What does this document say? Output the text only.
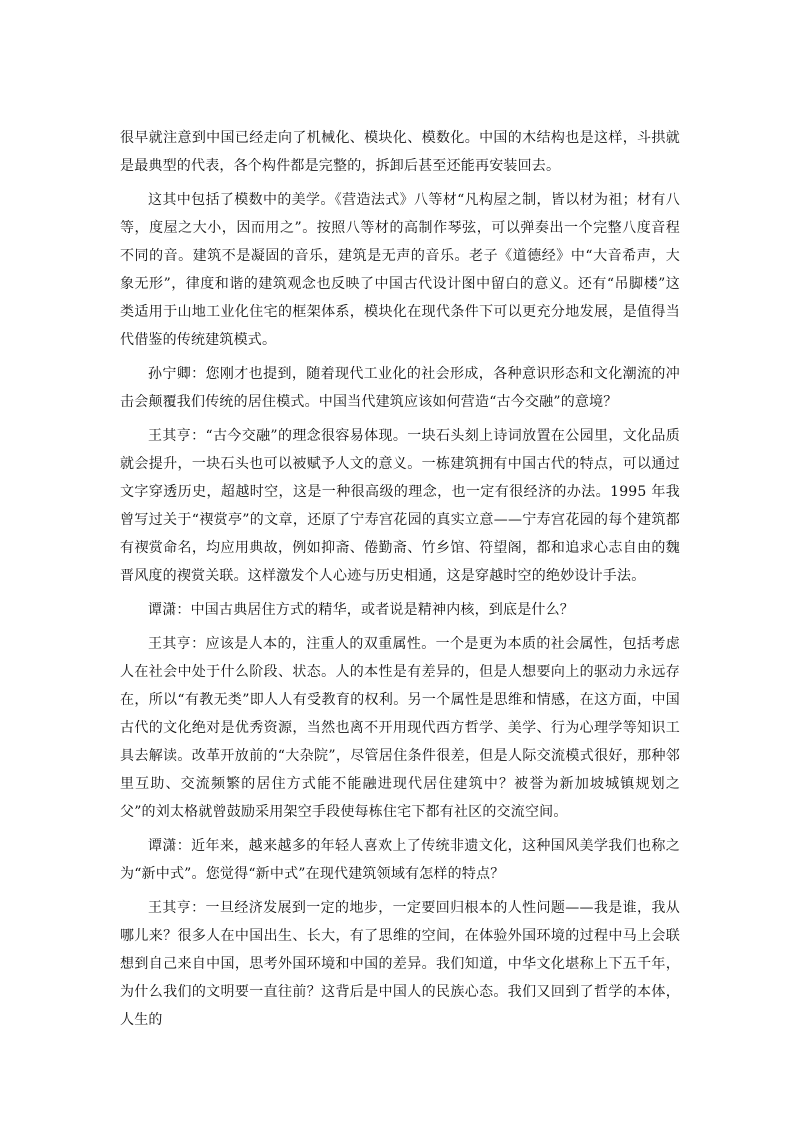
很早就注意到中国已经走向了机械化、模块化、模数化。中国的木结构也是这样，斗拱就是最典型的代表，各个构件都是完整的，拆卸后甚至还能再安装回去。

这其中包括了模数中的美学。《营造法式》八等材“凡构屋之制，皆以材为祖；材有八等，度屋之大小，因而用之”。按照八等材的高制作琴弦，可以弹奏出一个完整八度音程不同的音。建筑不是凝固的音乐，建筑是无声的音乐。老子《道德经》中“大音希声，大象无形”，律度和谐的建筑观念也反映了中国古代设计图中留白的意义。还有“吊脚楼”这类适用于山地工业化住宅的框架体系，模块化在现代条件下可以更充分地发展，是值得当代借鉴的传统建筑模式。

孙宁卿：您刚才也提到，随着现代工业化的社会形成，各种意识形态和文化潮流的冲击会颠覆我们传统的居住模式。中国当代建筑应该如何营造“古今交融”的意境？

王其亨：“古今交融”的理念很容易体现。一块石头刻上诗词放置在公园里，文化品质就会提升，一块石头也可以被赋予人文的意义。一栋建筑拥有中国古代的特点，可以通过文字穿透历史，超越时空，这是一种很高级的理念，也一定有很经济的办法。1995 年我曾写过关于“禊赏亭”的文章，还原了宁寿宫花园的真实立意——宁寿宫花园的每个建筑都有禊赏命名，均应用典故，例如抑斋、倦勤斋、竹乡馆、符望阁，都和追求心志自由的魏晋风度的禊赏关联。这样激发个人心迹与历史相通，这是穿越时空的绝妙设计手法。

谭潇：中国古典居住方式的精华，或者说是精神内核，到底是什么？

王其亨：应该是人本的，注重人的双重属性。一个是更为本质的社会属性，包括考虑人在社会中处于什么阶段、状态。人的本性是有差异的，但是人想要向上的驱动力永远存在，所以“有教无类”即人人有受教育的权利。另一个属性是思维和情感，在这方面，中国古代的文化绝对是优秀资源，当然也离不开用现代西方哲学、美学、行为心理学等知识工具去解读。改革开放前的“大杂院”，尽管居住条件很差，但是人际交流模式很好，那种邻里互助、交流频繁的居住方式能不能融进现代居住建筑中？被誉为新加坡城镇规划之父”的刘太格就曾鼓励采用架空手段使每栋住宅下都有社区的交流空间。

谭潇：近年来，越来越多的年轻人喜欢上了传统非遗文化，这种国风美学我们也称之为“新中式”。您觉得“新中式”在现代建筑领域有怎样的特点？

王其亨：一旦经济发展到一定的地步，一定要回归根本的人性问题——我是谁，我从哪儿来？很多人在中国出生、长大，有了思维的空间，在体验外国环境的过程中马上会联想到自己来自中国，思考外国环境和中国的差异。我们知道，中华文化堪称上下五千年，为什么我们的文明要一直往前？这背后是中国人的民族心态。我们又回到了哲学的本体，人生的
